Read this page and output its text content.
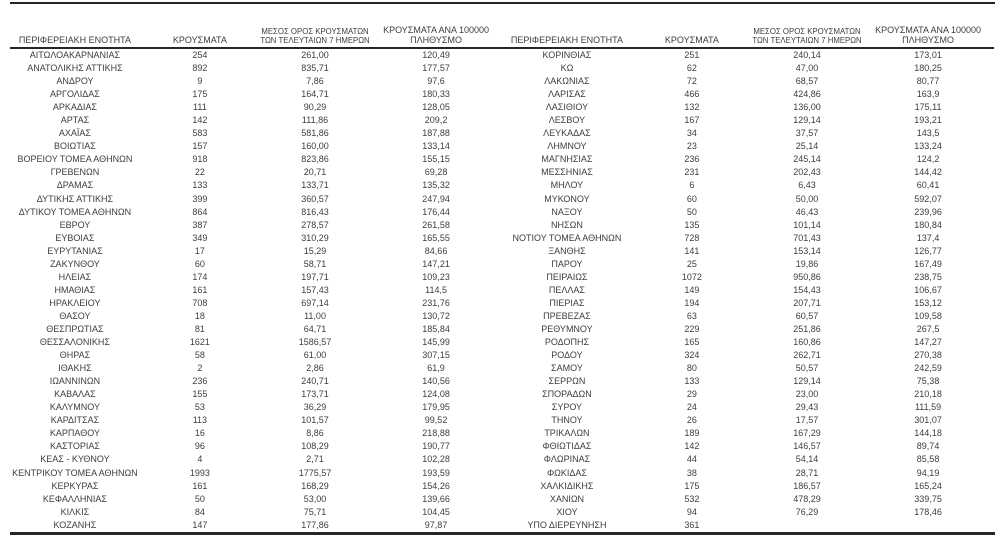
ΠΕΡΙΦΕΡΕΙΑΚΗ ΕΝΟΤΗΤΑ	ΚΡΟΥΣΜΑΤΑ	ΜΕΣΟΣ ΟΡΟΣ ΚΡΟΥΣΜΑΤΩΝ
ΤΩΝ ΤΕΛΕΥΤΑΙΩΝ 7 ΗΜΕΡΩΝ	ΚΡΟΥΣΜΑΤΑ ΑΝΑ 100000
ΠΛΗΘΥΣΜΟ

ΑΙΤΩΛΟΑΚΑΡΝΑΝΙΑΣ	254	261,00	120,49
ΑΝΑΤΟΛΙΚΗΣ ΑΤΤΙΚΗΣ	892	835,71	177,57
ΑΝΔΡΟΥ	9	7,86	97,6
ΑΡΓΟΛΙΔΑΣ	175	164,71	180,33
ΑΡΚΑΔΙΑΣ	111	90,29	128,05
ΑΡΤΑΣ	142	111,86	209,2
ΑΧΑΪΑΣ	583	581,86	187,88
ΒΟΙΩΤΙΑΣ	157	160,00	133,14
ΒΟΡΕΙΟΥ ΤΟΜΕΑ ΑΘΗΝΩΝ	918	823,86	155,15
ΓΡΕΒΕΝΩΝ	22	20,71	69,28
ΔΡΑΜΑΣ	133	133,71	135,32
ΔΥΤΙΚΗΣ ΑΤΤΙΚΗΣ	399	360,57	247,94
ΔΥΤΙΚΟΥ ΤΟΜΕΑ ΑΘΗΝΩΝ	864	816,43	176,44
ΕΒΡΟΥ	387	278,57	261,58
ΕΥΒΟΙΑΣ	349	310,29	165,55
ΕΥΡΥΤΑΝΙΑΣ	17	15,29	84,66
ΖΑΚΥΝΘΟΥ	60	58,71	147,21
ΗΛΕΙΑΣ	174	197,71	109,23
ΗΜΑΘΙΑΣ	161	157,43	114,5
ΗΡΑΚΛΕΙΟΥ	708	697,14	231,76
ΘΑΣΟΥ	18	11,00	130,72
ΘΕΣΠΡΩΤΙΑΣ	81	64,71	185,84
ΘΕΣΣΑΛΟΝΙΚΗΣ	1621	1586,57	145,99
ΘΗΡΑΣ	58	61,00	307,15
ΙΘΑΚΗΣ	2	2,86	61,9
ΙΩΑΝΝΙΝΩΝ	236	240,71	140,56
ΚΑΒΑΛΑΣ	155	173,71	124,08
ΚΑΛΥΜΝΟΥ	53	36,29	179,95
ΚΑΡΔΙΤΣΑΣ	113	101,57	99,52
ΚΑΡΠΑΘΟΥ	16	8,86	218,88
ΚΑΣΤΟΡΙΑΣ	96	108,29	190,77
ΚΕΑΣ - ΚΥΘΝΟΥ	4	2,71	102,28
ΚΕΝΤΡΙΚΟΥ ΤΟΜΕΑ ΑΘΗΝΩΝ	1993	1775,57	193,59
ΚΕΡΚΥΡΑΣ	161	168,29	154,26
ΚΕΦΑΛΛΗΝΙΑΣ	50	53,00	139,66
ΚΙΛΚΙΣ	84	75,71	104,45
ΚΟΖΑΝΗΣ	147	177,86	97,87
ΠΕΡΙΦΕΡΕΙΑΚΗ ΕΝΟΤΗΤΑ	ΚΡΟΥΣΜΑΤΑ	ΜΕΣΟΣ ΟΡΟΣ ΚΡΟΥΣΜΑΤΩΝ
ΤΩΝ ΤΕΛΕΥΤΑΙΩΝ 7 ΗΜΕΡΩΝ	ΚΡΟΥΣΜΑΤΑ ΑΝΑ 100000
ΠΛΗΘΥΣΜΟ

ΚΟΡΙΝΘΙΑΣ	251	240,14	173,01
ΚΩ	62	47,00	180,25
ΛΑΚΩΝΙΑΣ	72	68,57	80,77
ΛΑΡΙΣΑΣ	466	424,86	163,9
ΛΑΣΙΘΙΟΥ	132	136,00	175,11
ΛΕΣΒΟΥ	167	129,14	193,21
ΛΕΥΚΑΔΑΣ	34	37,57	143,5
ΛΗΜΝΟΥ	23	25,14	133,24
ΜΑΓΝΗΣΙΑΣ	236	245,14	124,2
ΜΕΣΣΗΝΙΑΣ	231	202,43	144,42
ΜΗΛΟΥ	6	6,43	60,41
ΜΥΚΟΝΟΥ	60	50,00	592,07
ΝΑΞΟΥ	50	46,43	239,96
ΝΗΣΩΝ	135	101,14	180,84
ΝΟΤΙΟΥ ΤΟΜΕΑ ΑΘΗΝΩΝ	728	701,43	137,4
ΞΑΝΘΗΣ	141	153,14	126,77
ΠΑΡΟΥ	25	19,86	167,49
ΠΕΙΡΑΙΩΣ	1072	950,86	238,75
ΠΕΛΛΑΣ	149	154,43	106,67
ΠΙΕΡΙΑΣ	194	207,71	153,12
ΠΡΕΒΕΖΑΣ	63	60,57	109,58
ΡΕΘΥΜΝΟΥ	229	251,86	267,5
ΡΟΔΟΠΗΣ	165	160,86	147,27
ΡΟΔΟΥ	324	262,71	270,38
ΣΑΜΟΥ	80	50,57	242,59
ΣΕΡΡΩΝ	133	129,14	75,38
ΣΠΟΡΑΔΩΝ	29	23,00	210,18
ΣΥΡΟΥ	24	29,43	111,59
ΤΗΝΟΥ	26	17,57	301,07
ΤΡΙΚΑΛΩΝ	189	167,29	144,18
ΦΘΙΩΤΙΔΑΣ	142	146,57	89,74
ΦΛΩΡΙΝΑΣ	44	54,14	85,58
ΦΩΚΙΔΑΣ	38	28,71	94,19
ΧΑΛΚΙΔΙΚΗΣ	175	186,57	165,24
ΧΑΝΙΩΝ	532	478,29	339,75
ΧΙΟΥ	94	76,29	178,46
ΥΠΟ ΔΙΕΡΕΥΝΗΣΗ	361		
